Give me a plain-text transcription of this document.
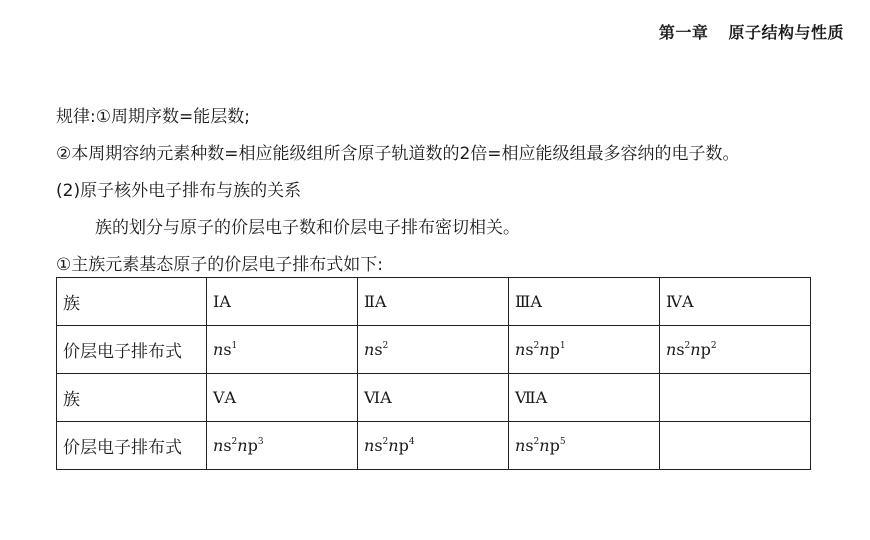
第一章 原子结构与性质
规律:①周期序数=能层数;
②本周期容纳元素种数=相应能级组所含原子轨道数的2倍=相应能级组最多容纳的电子数。
(2)原子核外电子排布与族的关系
族的划分与原子的价层电子数和价层电子排布密切相关。
①主族元素基态原子的价层电子排布式如下:
族	ⅠA	ⅡA	ⅢA	ⅣA
价层电子排布式	$ns^1$	$ns^2$	$ns^2np^1$	$ns^2np^2$
族	ⅤA	ⅥA	ⅦA	
价层电子排布式	$ns^2np^3$	$ns^2np^4$	$ns^2np^5$	
